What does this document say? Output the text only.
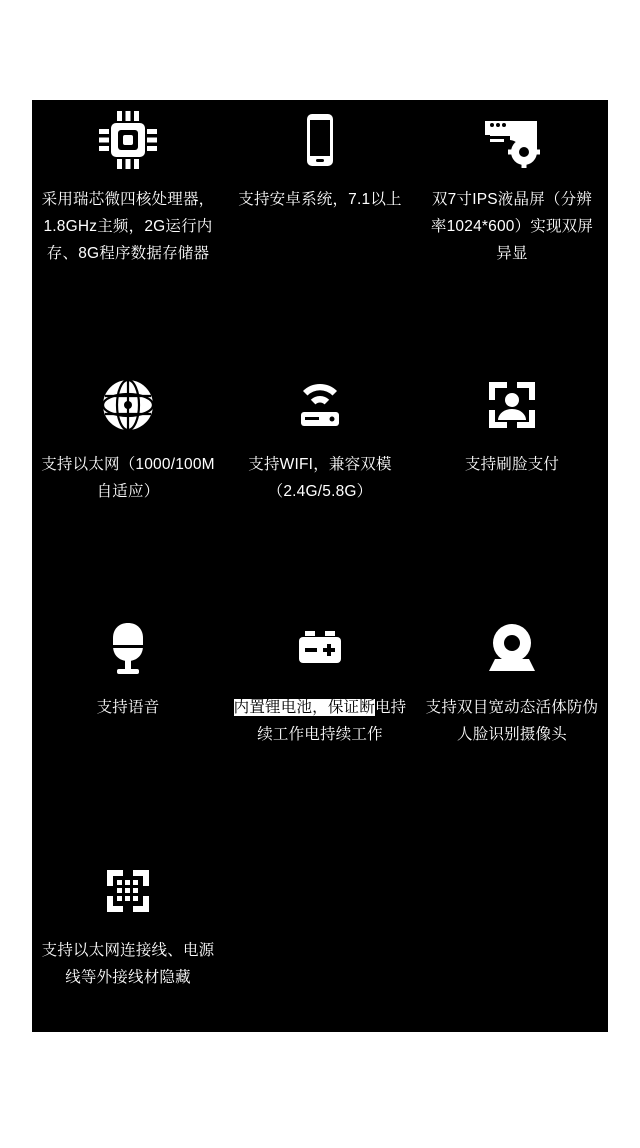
采用瑞芯微四核处理器，1.8GHz主频，2G运行内存、8G程序数据存储器
支持安卓系统，7.1以上	双7寸IPS液晶屏（分辨率1024*600）实现双屏异显
支持以太网（1000/100M自适应）
支持WIFI，兼容双模（2.4G/5.8G）
支持刷脸支付
支持语音	内置锂电池，保证断电持续工作电持续工作
支持双目宽动态活体防伪人脸识别摄像头
支持以太网连接线、电源线等外接线材隐藏
